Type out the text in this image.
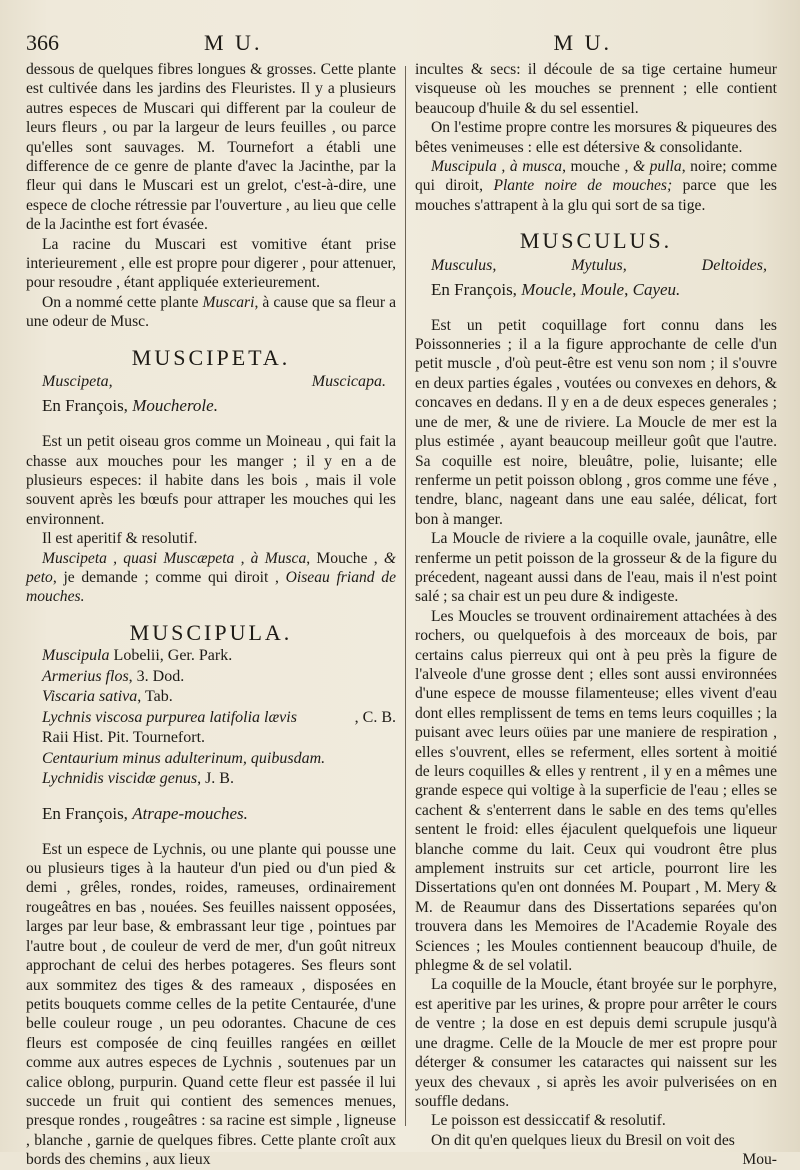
366	M U.	M U.

dessous de quelques fibres longues & grosses. Cette plante est cultivée dans les jardins des Fleuristes. Il y a plusieurs autres especes de Muscari qui different par la couleur de leurs fleurs , ou par la largeur de leurs feuilles , ou parce qu'elles sont sauvages. M. Tournefort a établi une difference de ce genre de plante d'avec la Jacinthe, par la fleur qui dans le Muscari est un grelot, c'est-à-dire, une espece de cloche rétressie par l'ouverture , au lieu que celle de la Jacinthe est fort évasée.

La racine du Muscari est vomitive étant prise interieurement , elle est propre pour digerer , pour attenuer, pour resoudre , étant appliquée exterieurement.

On a nommé cette plante Muscari, à cause que sa fleur a une odeur de Musc.

MUSCIPETA.
Muscipeta,	Muscicapa.
En François, Moucherole.

Est un petit oiseau gros comme un Moineau , qui fait la chasse aux mouches pour les manger ; il y en a de plusieurs especes: il habite dans les bois , mais il vole souvent après les bœufs pour attraper les mouches qui les environnent.

Il est aperitif & resolutif.

Muscipeta , quasi Muscæpeta , à Musca, Mouche , & peto, je demande ; comme qui diroit , Oiseau friand de mouches.

MUSCIPULA.
Muscipula Lobelii, Ger. Park.
Armerius flos, 3. Dod.
Viscaria sativa, Tab.
Lychnis viscosa purpurea latifolia lævis	, C. B.
Raii Hist. Pit. Tournefort.
Centaurium minus adulterinum, quibusdam.
Lychnidis viscidæ genus, J. B.
En François, Atrape-mouches.

Est un espece de Lychnis, ou une plante qui pousse une ou plusieurs tiges à la hauteur d'un pied ou d'un pied & demi , grêles, rondes, roides, rameuses, ordinairement rougeâtres en bas , nouées. Ses feuilles naissent opposées, larges par leur base, & embrassant leur tige , pointues par l'autre bout , de couleur de verd de mer, d'un goût nitreux approchant de celui des herbes potageres. Ses fleurs sont aux sommitez des tiges & des rameaux , disposées en petits bouquets comme celles de la petite Centaurée, d'une belle couleur rouge , un peu odorantes. Chacune de ces fleurs est composée de cinq feuilles rangées en œillet comme aux autres especes de Lychnis , soutenues par un calice oblong, purpurin. Quand cette fleur est passée il lui succede un fruit qui contient des semences menues, presque rondes , rougeâtres : sa racine est simple , ligneuse , blanche , garnie de quelques fibres. Cette plante croît aux bords des chemins , aux lieux

incultes & secs: il découle de sa tige certaine humeur visqueuse où les mouches se prennent ; elle contient beaucoup d'huile & du sel essentiel.

On l'estime propre contre les morsures & piqueures des bêtes venimeuses : elle est détersive & consolidante.

Muscipula , à musca, mouche , & pulla, noire; comme qui diroit, Plante noire de mouches; parce que les mouches s'attrapent à la glu qui sort de sa tige.

MUSCULUS.
Musculus,	Mytulus,	Deltoides,
En François, Moucle, Moule, Cayeu.

Est un petit coquillage fort connu dans les Poissonneries ; il a la figure approchante de celle d'un petit muscle , d'où peut-être est venu son nom ; il s'ouvre en deux parties égales , voutées ou convexes en dehors, & concaves en dedans. Il y en a de deux especes generales ; une de mer, & une de riviere. La Moucle de mer est la plus estimée , ayant beaucoup meilleur goût que l'autre. Sa coquille est noire, bleuâtre, polie, luisante; elle renferme un petit poisson oblong , gros comme une féve , tendre, blanc, nageant dans une eau salée, délicat, fort bon à manger.

La Moucle de riviere a la coquille ovale, jaunâtre, elle renferme un petit poisson de la grosseur & de la figure du précedent, nageant aussi dans de l'eau, mais il n'est point salé ; sa chair est un peu dure & indigeste.

Les Moucles se trouvent ordinairement attachées à des rochers, ou quelquefois à des morceaux de bois, par certains calus pierreux qui ont à peu près la figure de l'alveole d'une grosse dent ; elles sont aussi environnées d'une espece de mousse filamenteuse; elles vivent d'eau dont elles remplissent de tems en tems leurs coquilles ; la puisant avec leurs oüies par une maniere de respiration , elles s'ouvrent, elles se referment, elles sortent à moitié de leurs coquilles & elles y rentrent , il y en a mêmes une grande espece qui voltige à la superficie de l'eau ; elles se cachent & s'enterrent dans le sable en des tems qu'elles sentent le froid: elles éjaculent quelquefois une liqueur blanche comme du lait. Ceux qui voudront être plus amplement instruits sur cet article, pourront lire les Dissertations qu'en ont données M. Poupart , M. Mery & M. de Reaumur dans des Dissertations separées qu'on trouvera dans les Memoires de l'Academie Royale des Sciences ; les Moules contiennent beaucoup d'huile, de phlegme & de sel volatil.

La coquille de la Moucle, étant broyée sur le porphyre, est aperitive par les urines, & propre pour arrêter le cours de ventre ; la dose en est depuis demi scrupule jusqu'à une dragme. Celle de la Moucle de mer est propre pour déterger & consumer les cataractes qui naissent sur les yeux des chevaux , si après les avoir pulverisées on en souffle dedans.

Le poisson est dessiccatif & resolutif.

On dit qu'en quelques lieux du Bresil on voit des

Mou-
